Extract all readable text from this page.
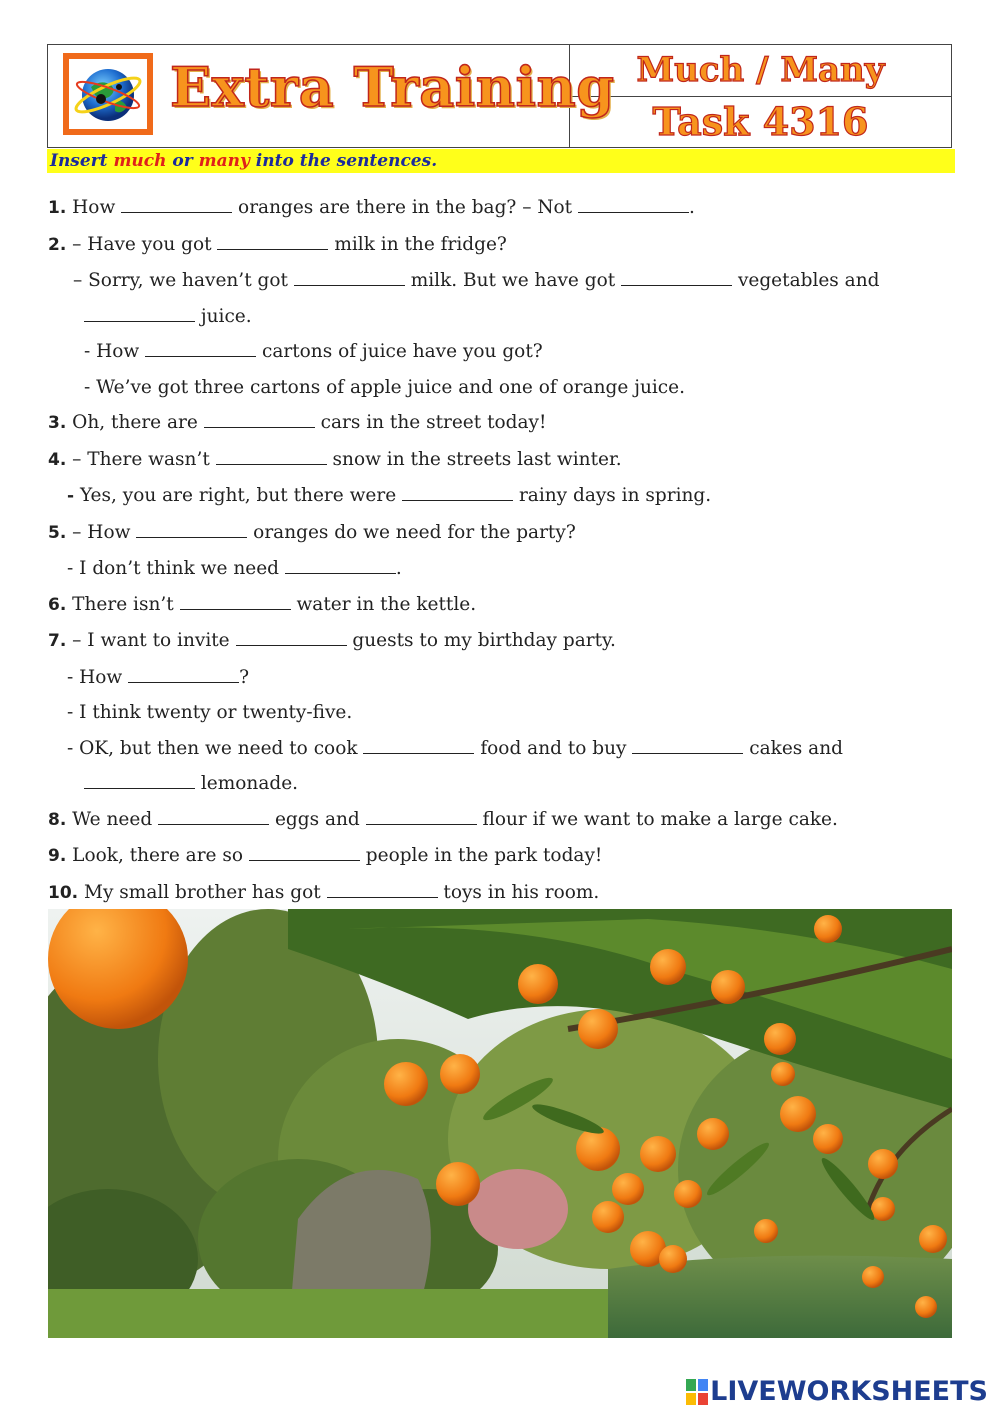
Extra Training Much / Many
Task 4316
Insert much or many into the sentences.
1. How	oranges are there in the bag? – Not	.
2. – Have you got	milk in the fridge?
– Sorry, we haven’t got	milk. But we have got	vegetables and
juice.
- How	cartons of juice have you got?
- We’ve got three cartons of apple juice and one of orange juice.
3. Oh, there are	cars in the street today!
4. – There wasn’t	snow in the streets last winter.
- Yes, you are right, but there were	rainy days in spring.
5. – How	oranges do we need for the party?
- I don’t think we need	.
6. There isn’t	water in the kettle.
7. – I want to invite	guests to my birthday party.
- How	?
- I think twenty or twenty-five.
- OK, but then we need to cook	food and to buy	cakes and
lemonade.
8. We need	eggs and	flour if we want to make a large cake.
9. Look, there are so	people in the park today!
10. My small brother has got	toys in his room.
LIVEWORKSHEETS
